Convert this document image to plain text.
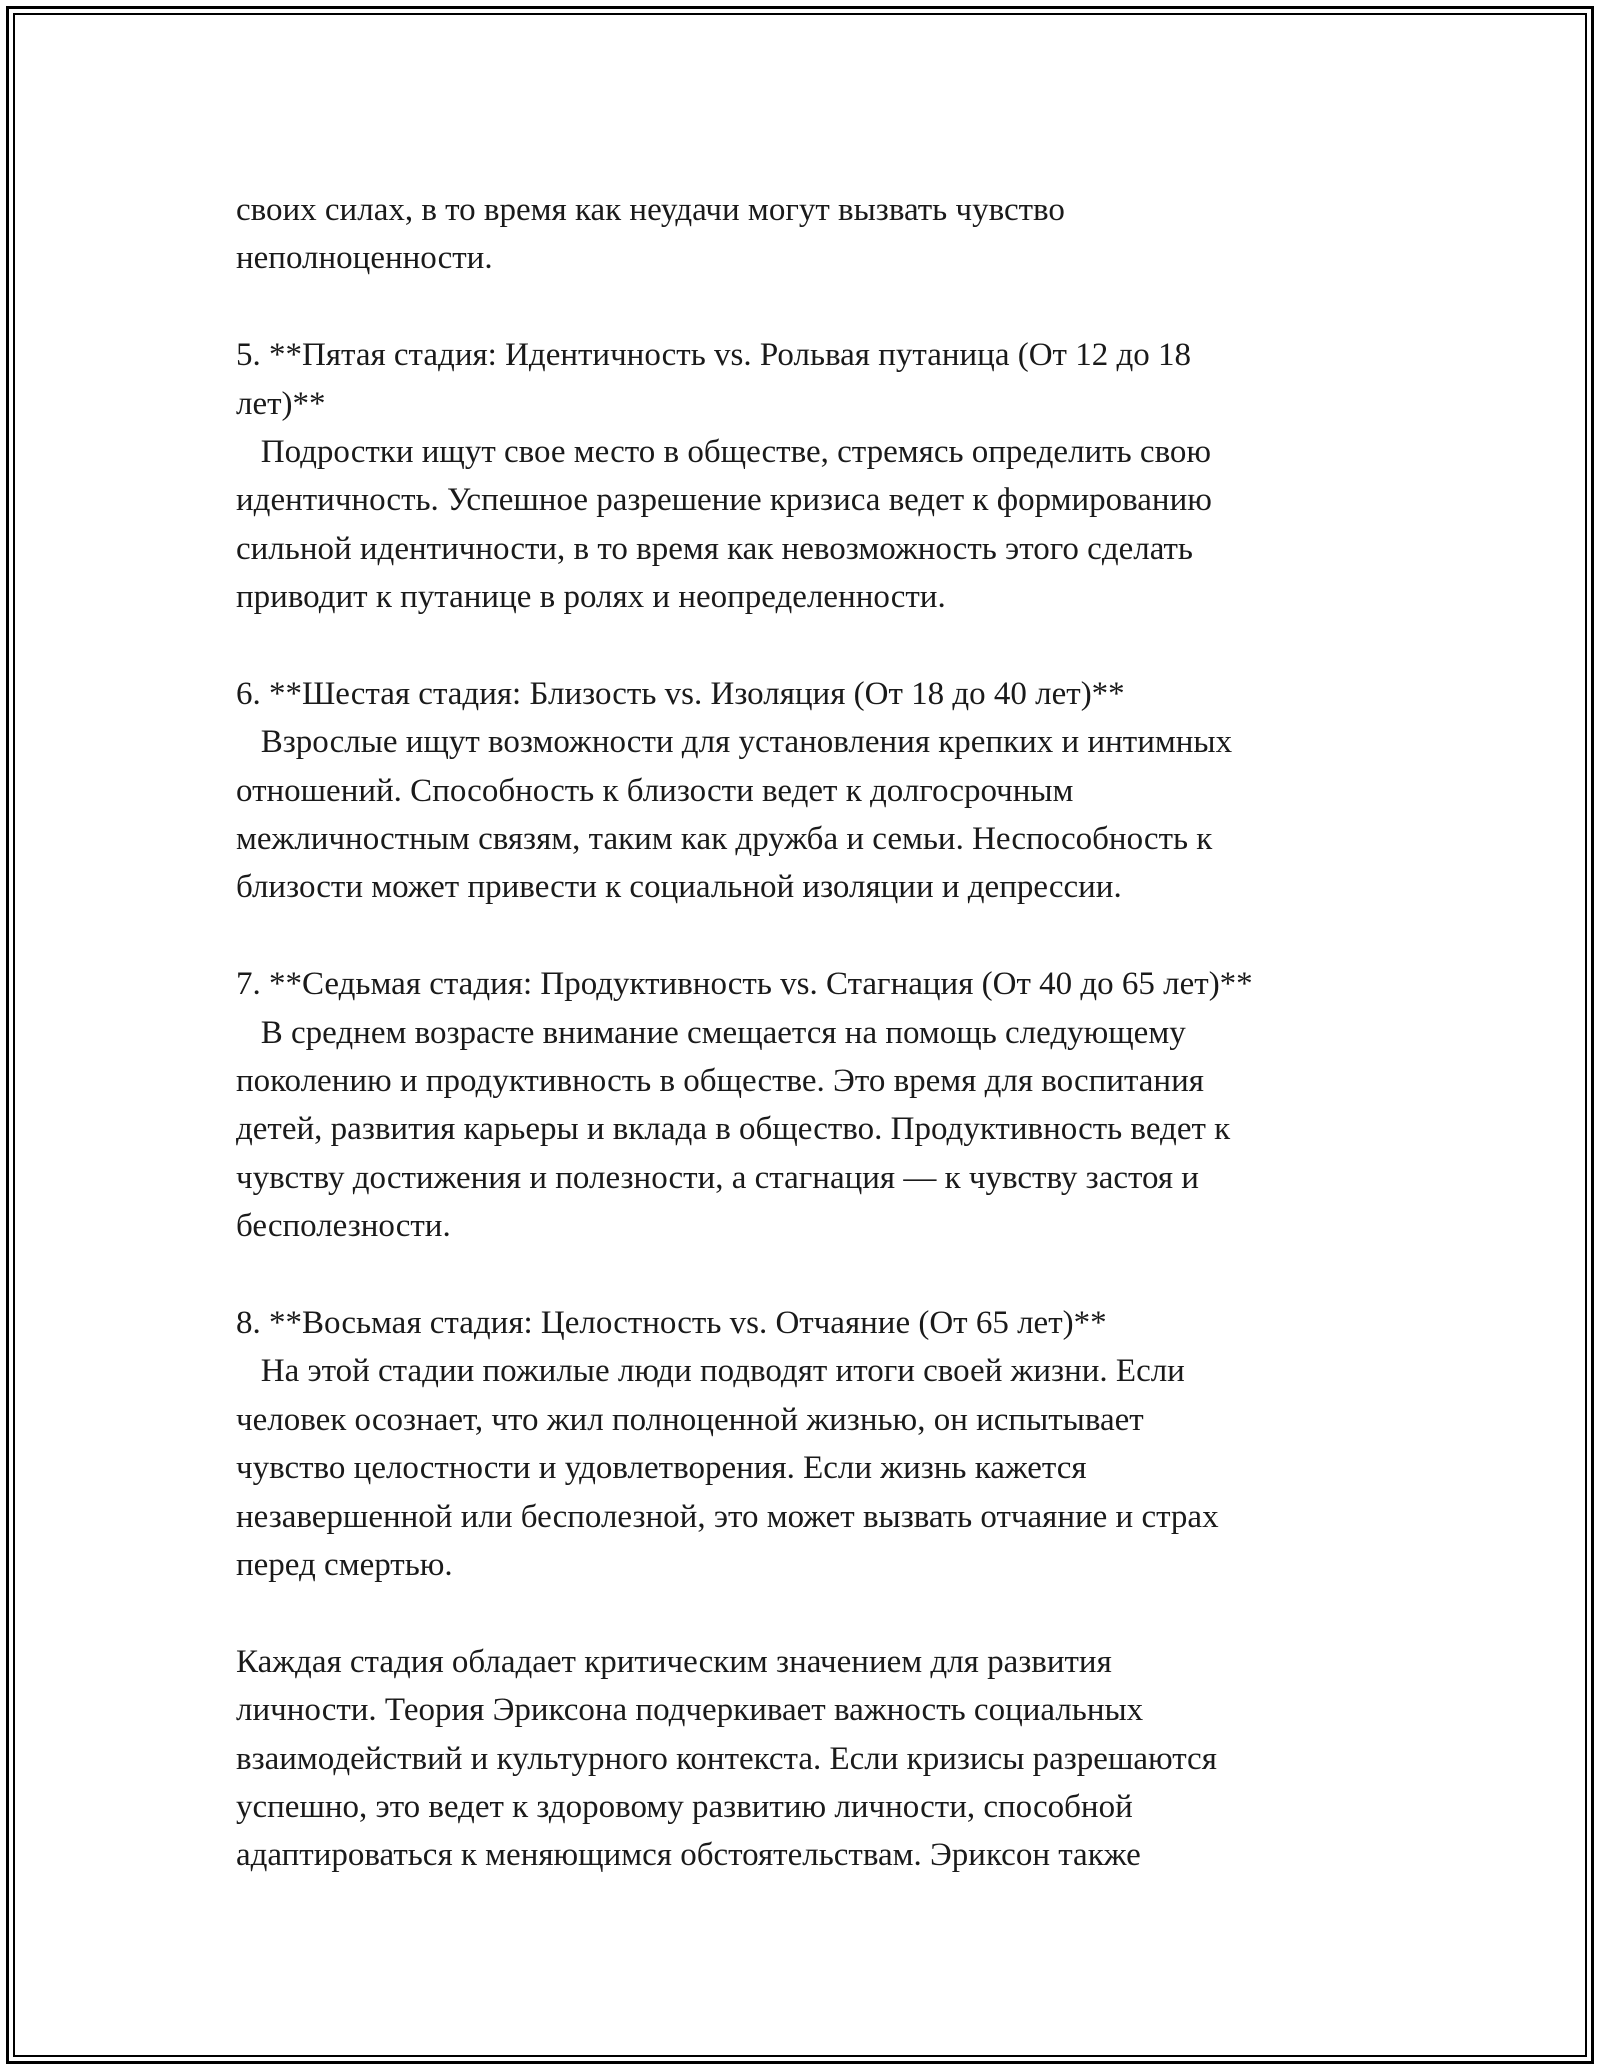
своих силах, в то время как неудачи могут вызвать чувство
неполноценности.
5. **Пятая стадия: Идентичность vs. Рольвая путаница (От 12 до 18
лет)**
Подростки ищут свое место в обществе, стремясь определить свою
идентичность. Успешное разрешение кризиса ведет к формированию
сильной идентичности, в то время как невозможность этого сделать
приводит к путанице в ролях и неопределенности.
6. **Шестая стадия: Близость vs. Изоляция (От 18 до 40 лет)**
Взрослые ищут возможности для установления крепких и интимных
отношений. Способность к близости ведет к долгосрочным
межличностным связям, таким как дружба и семьи. Неспособность к
близости может привести к социальной изоляции и депрессии.
7. **Седьмая стадия: Продуктивность vs. Стагнация (От 40 до 65 лет)**
В среднем возрасте внимание смещается на помощь следующему
поколению и продуктивность в обществе. Это время для воспитания
детей, развития карьеры и вклада в общество. Продуктивность ведет к
чувству достижения и полезности, а стагнация — к чувству застоя и
бесполезности.
8. **Восьмая стадия: Целостность vs. Отчаяние (От 65 лет)**
На этой стадии пожилые люди подводят итоги своей жизни. Если
человек осознает, что жил полноценной жизнью, он испытывает
чувство целостности и удовлетворения. Если жизнь кажется
незавершенной или бесполезной, это может вызвать отчаяние и страх
перед смертью.
Каждая стадия обладает критическим значением для развития
личности. Теория Эриксона подчеркивает важность социальных
взаимодействий и культурного контекста. Если кризисы разрешаются
успешно, это ведет к здоровому развитию личности, способной
адаптироваться к меняющимся обстоятельствам. Эриксон также
